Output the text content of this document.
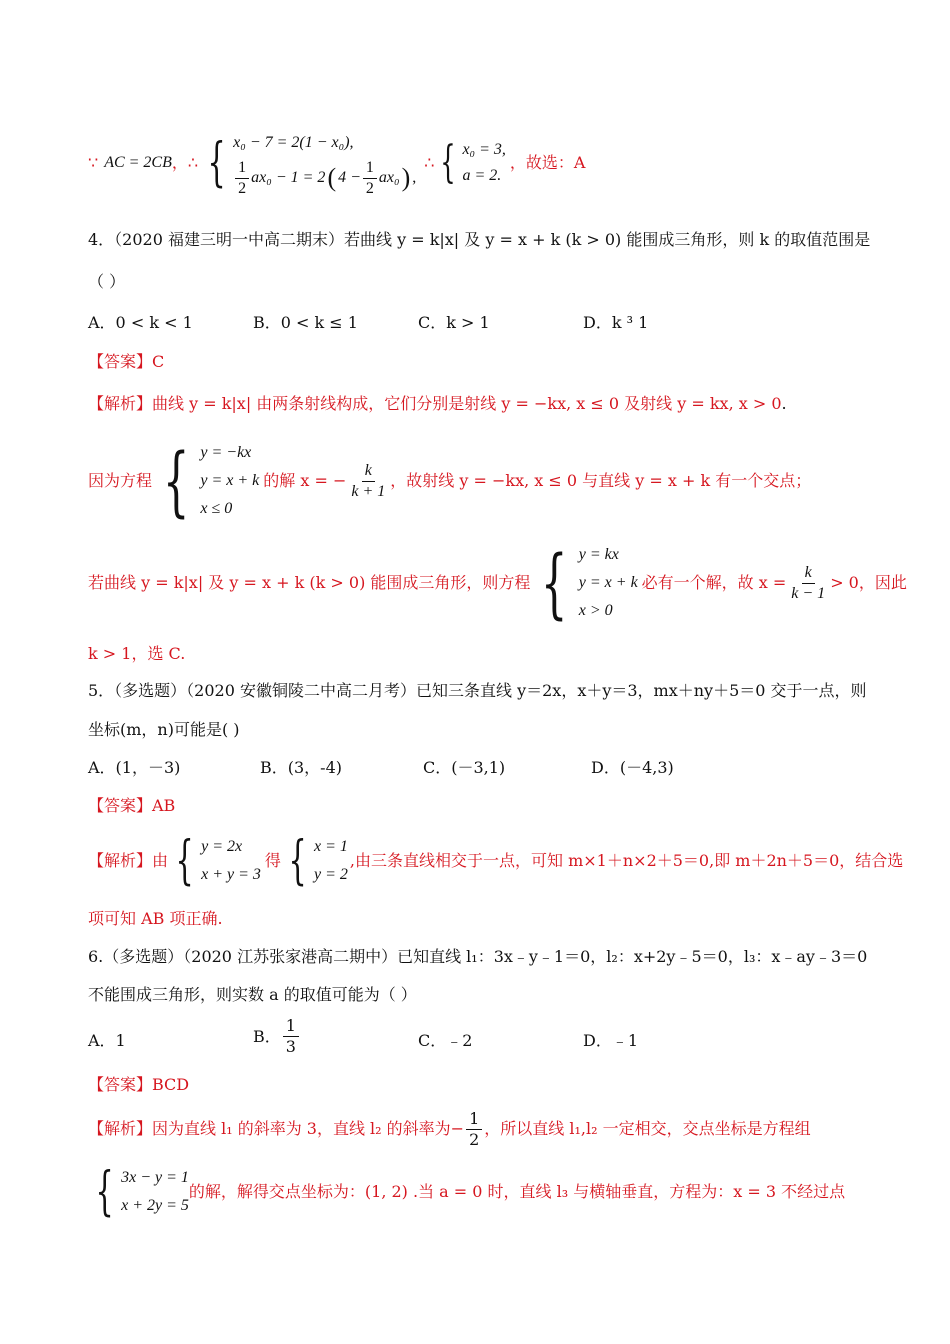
∵ AC = 2CB ， ∴ { x₀ − 7 = 2(1 − x₀),
$\frac{1}{2} ax_0 - 1 = 2$ ( $4 - \frac{1}{2} ax_0$ ) ,
∴ { x₀ = 3,
a = 2.
，故选：A
4．（2020 福建三明一中高二期末）若曲线 y = k|x| 及 y = x + k (k > 0) 能围成三角形，则 k 的取值范围是
（ ）
A．0 < k < 1	B．0 < k ≤ 1	C．k > 1	D．k ³ 1
【答案】C
【解析】曲线 y = k|x| 由两条射线构成，它们分别是射线 y = −kx, x ≤ 0 及射线 y = kx, x > 0.
因为方程 { y = −kx
y = x + k
x ≤ 0
的解 x = − $\frac{k}{k + 1}$ ，故射线 y = −kx, x ≤ 0 与直线 y = x + k 有一个交点；
若曲线 y = k|x| 及 y = x + k (k > 0) 能围成三角形，则方程 { y = kx
y = x + k
x > 0
必有一个解，故 $x = \frac{k}{k - 1} > 0$，因此
k > 1，选 C.
5．（多选题）（2020 安徽铜陵二中高二月考）已知三条直线 y＝2x，x＋y＝3，mx＋ny＋5＝0 交于一点，则
坐标(m，n)可能是( )
A．(1，－3)	B．(3，-4)	C．(－3,1)	D．(－4,3)
【答案】AB
【解析】由 { y = 2x
x + y = 3
得 { x = 1
y = 2
,由三条直线相交于一点，可知 m×1＋n×2＋5＝0,即 m＋2n＋5＝0，结合选
项可知 AB 项正确.
6.（多选题）（2020 江苏张家港高二期中）已知直线 l₁：3x﹣y﹣1＝0，l₂：x+2y﹣5＝0，l₃：x﹣ay﹣3＝0
不能围成三角形，则实数 a 的取值可能为（ ）
A．1	B． $\frac{1}{3}$	C．﹣2	D．﹣1
【答案】BCD
【解析】因为直线 l₁ 的斜率为 3，直线 l₂ 的斜率为− $\frac{1}{2}$ ，所以直线 l₁,l₂ 一定相交，交点坐标是方程组
{ 3x − y = 1
x + 2y = 5
的解，解得交点坐标为：(1, 2) .当 a = 0 时，直线 l₃ 与横轴垂直，方程为：x = 3 不经过点
